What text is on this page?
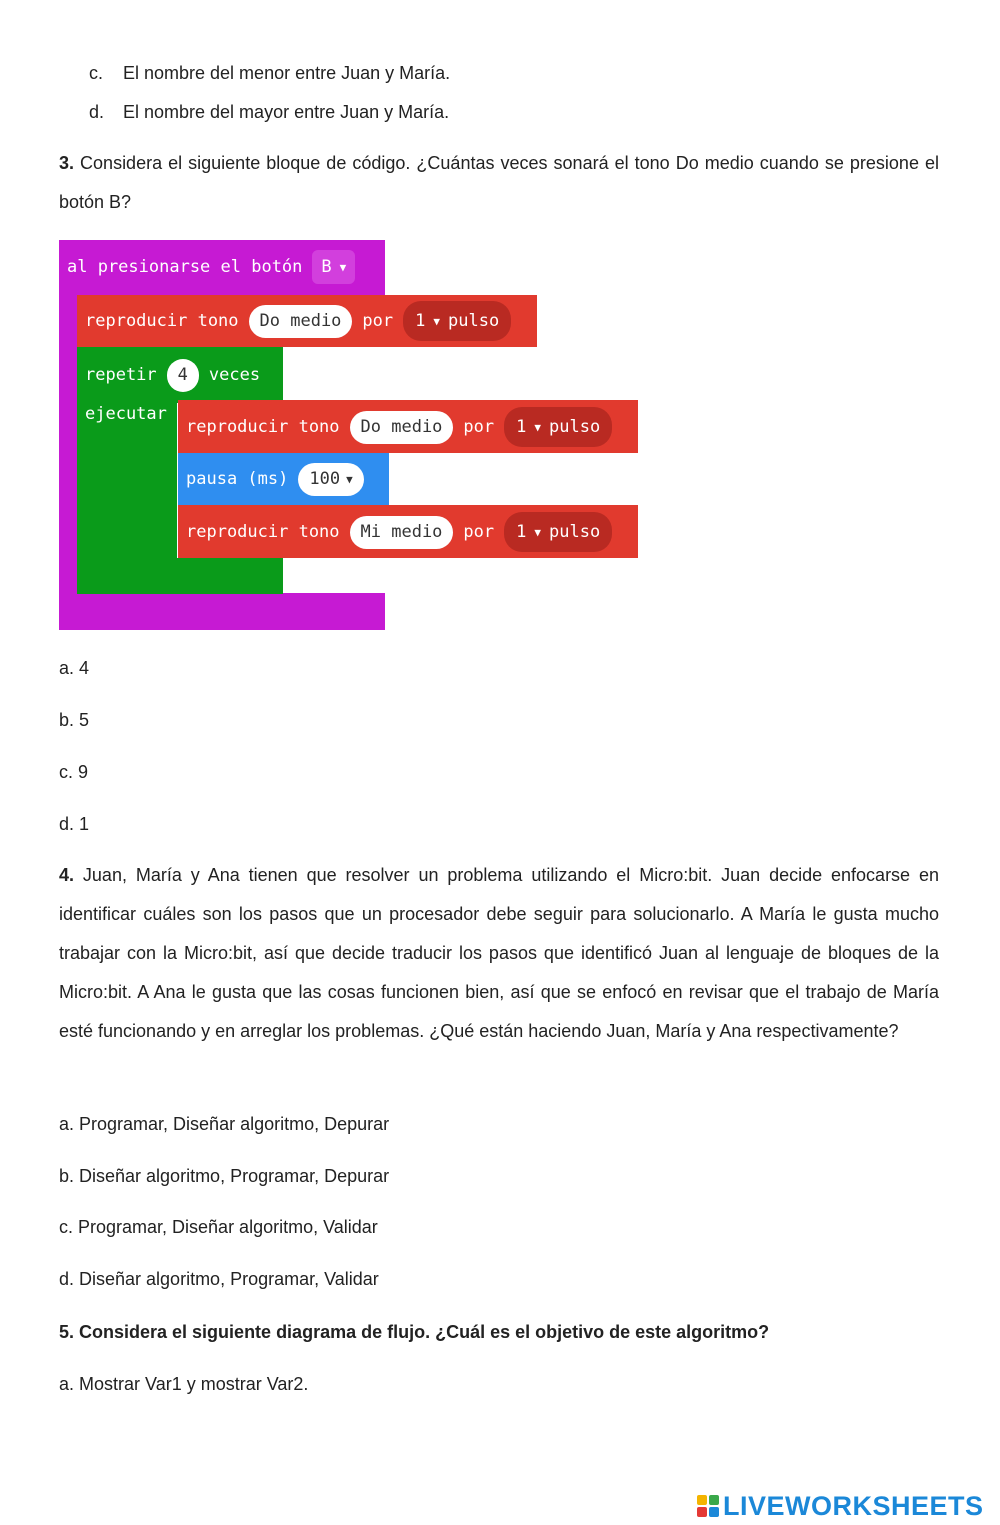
c. El nombre del menor entre Juan y María.
d. El nombre del mayor entre Juan y María.
3. Considera el siguiente bloque de código. ¿Cuántas veces sonará el tono Do medio cuando se presione el botón B?
al presionarse el botón B ▼
reproducir tono	Do medio	por 1 ▼ pulso
repetir	4	veces
ejecutar
reproducir tono	Do medio	por 1 ▼ pulso
pausa (ms) 100 ▼
reproducir tono	Mi medio	por 1 ▼ pulso
a. 4
b. 5
c. 9
d. 1
4. Juan, María y Ana tienen que resolver un problema utilizando el Micro:bit. Juan decide enfocarse en identificar cuáles son los pasos que un procesador debe seguir para solucionarlo. A María le gusta mucho trabajar con la Micro:bit, así que decide traducir los pasos que identificó Juan al lenguaje de bloques de la Micro:bit. A Ana le gusta que las cosas funcionen bien, así que se enfocó en revisar que el trabajo de María esté funcionando y en arreglar los problemas. ¿Qué están haciendo Juan, María y Ana respectivamente?
a. Programar, Diseñar algoritmo, Depurar
b. Diseñar algoritmo, Programar, Depurar
c. Programar, Diseñar algoritmo, Validar
d. Diseñar algoritmo, Programar, Validar
5. Considera el siguiente diagrama de flujo. ¿Cuál es el objetivo de este algoritmo?
a. Mostrar Var1 y mostrar Var2.
LIVEWORKSHEETS
